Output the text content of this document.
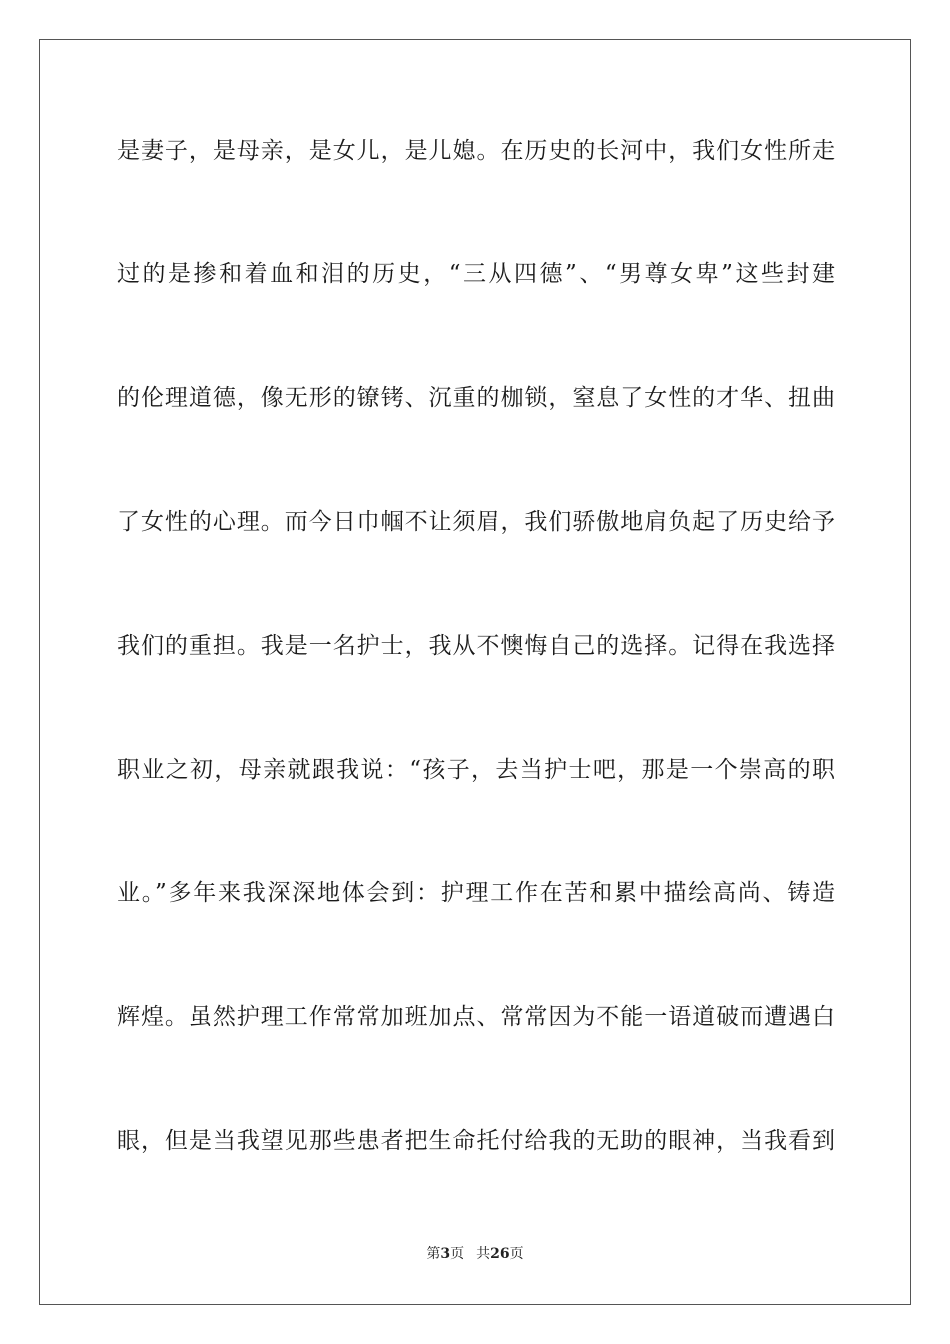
是妻子，是母亲，是女儿，是儿媳。在历史的长河中，我们女性所走
过的是掺和着血和泪的历史，“三从四德”、“男尊女卑”这些封建
的伦理道德，像无形的镣铐、沉重的枷锁，窒息了女性的才华、扭曲
了女性的心理。而今日巾帼不让须眉，我们骄傲地肩负起了历史给予
我们的重担。我是一名护士，我从不懊悔自己的选择。记得在我选择
职业之初，母亲就跟我说：“孩子，去当护士吧，那是一个崇高的职
业。”多年来我深深地体会到：护理工作在苦和累中描绘高尚、铸造
辉煌。虽然护理工作常常加班加点、常常因为不能一语道破而遭遇白
眼，但是当我望见那些患者把生命托付给我的无助的眼神，当我看到
第3页 共26页
